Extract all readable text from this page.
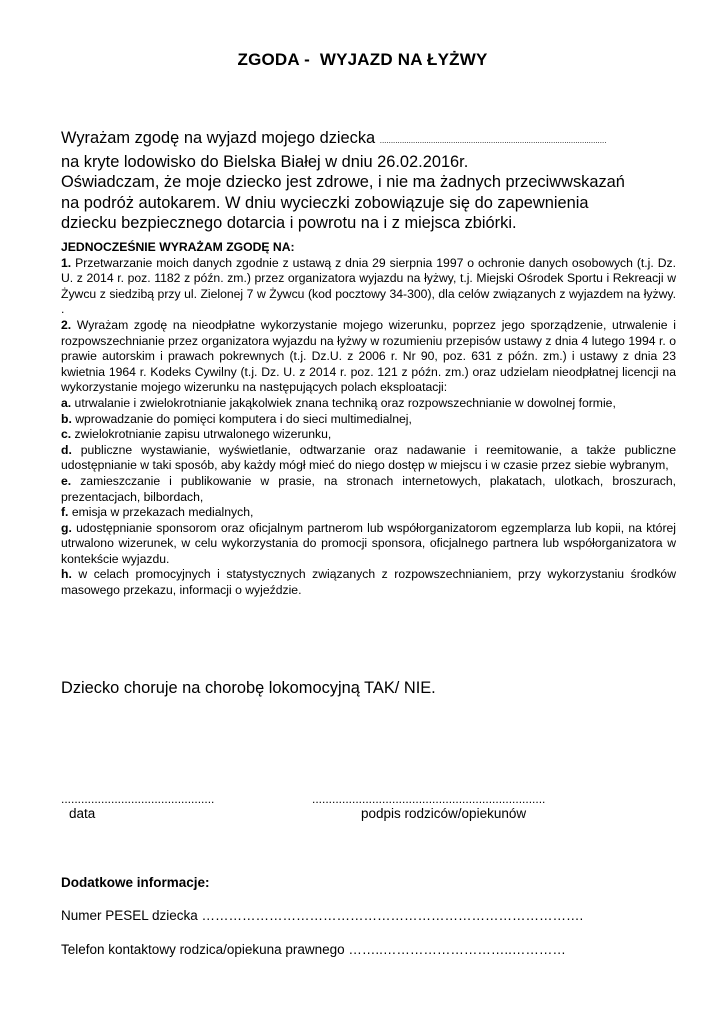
ZGODA -  WYJAZD NA ŁYŻWY
Wyrażam zgodę na wyjazd mojego dziecka ......................................................................................................
na kryte lodowisko do Bielska Białej w dniu 26.02.2016r.
Oświadczam, że moje dziecko jest zdrowe, i nie ma żadnych przeciwwskazań
na podróż autokarem. W dniu wycieczki zobowiązuje się do zapewnienia
dziecku bezpiecznego dotarcia i powrotu na i z miejsca zbiórki.

JEDNOCZEŚNIE WYRAŻAM ZGODĘ NA:

1. Przetwarzanie moich danych zgodnie z ustawą z dnia 29 sierpnia 1997 o ochronie danych osobowych (t.j. Dz. U. z 2014 r. poz. 1182 z późn. zm.) przez organizatora wyjazdu na łyżwy, t.j. Miejski Ośrodek Sportu i Rekreacji w Żywcu z siedzibą przy ul. Zielonej 7 w Żywcu (kod pocztowy 34-300), dla celów związanych z wyjazdem na łyżwy. .

2. Wyrażam zgodę na nieodpłatne wykorzystanie mojego wizerunku, poprzez jego sporządzenie, utrwalenie i rozpowszechnianie przez organizatora wyjazdu na łyżwy w rozumieniu przepisów ustawy z dnia 4 lutego 1994 r. o prawie autorskim i prawach pokrewnych (t.j. Dz.U. z 2006 r. Nr 90, poz. 631 z późn. zm.) i ustawy z dnia 23 kwietnia 1964 r. Kodeks Cywilny (t.j. Dz. U. z 2014 r. poz. 121 z późn. zm.) oraz udzielam nieodpłatnej licencji na wykorzystanie mojego wizerunku na następujących polach eksploatacji:

a. utrwalanie i zwielokrotnianie jakąkolwiek znana techniką oraz rozpowszechnianie w dowolnej formie,

b. wprowadzanie do pomięci komputera i do sieci multimedialnej,

c. zwielokrotnianie zapisu utrwalonego wizerunku,

d. publiczne wystawianie, wyświetlanie, odtwarzanie oraz nadawanie i reemitowanie, a także publiczne udostępnianie w taki sposób, aby każdy mógł mieć do niego dostęp w miejscu i w czasie przez siebie wybranym,

e. zamieszczanie i publikowanie w prasie, na stronach internetowych, plakatach, ulotkach, broszurach, prezentacjach, bilbordach,

f. emisja w przekazach medialnych,

g. udostępnianie sponsorom oraz oficjalnym partnerom lub współorganizatorom egzemplarza lub kopii, na której utrwalono wizerunek, w celu wykorzystania do promocji sponsora, oficjalnego partnera lub współorganizatora w kontekście wyjazdu.

h. w celach promocyjnych i statystycznych związanych z rozpowszechnianiem, przy wykorzystaniu środków masowego przekazu, informacji o wyjeździe.

Dziecko choruje na chorobę lokomocyjną TAK/ NIE.
..............................................	......................................................................
data	podpis rodziców/opiekunów
Dodatkowe informacje:
Numer PESEL dziecka ………………………………………………………………………….
Telefon kontaktowy rodzica/opiekuna prawnego ……..………………………..…………
